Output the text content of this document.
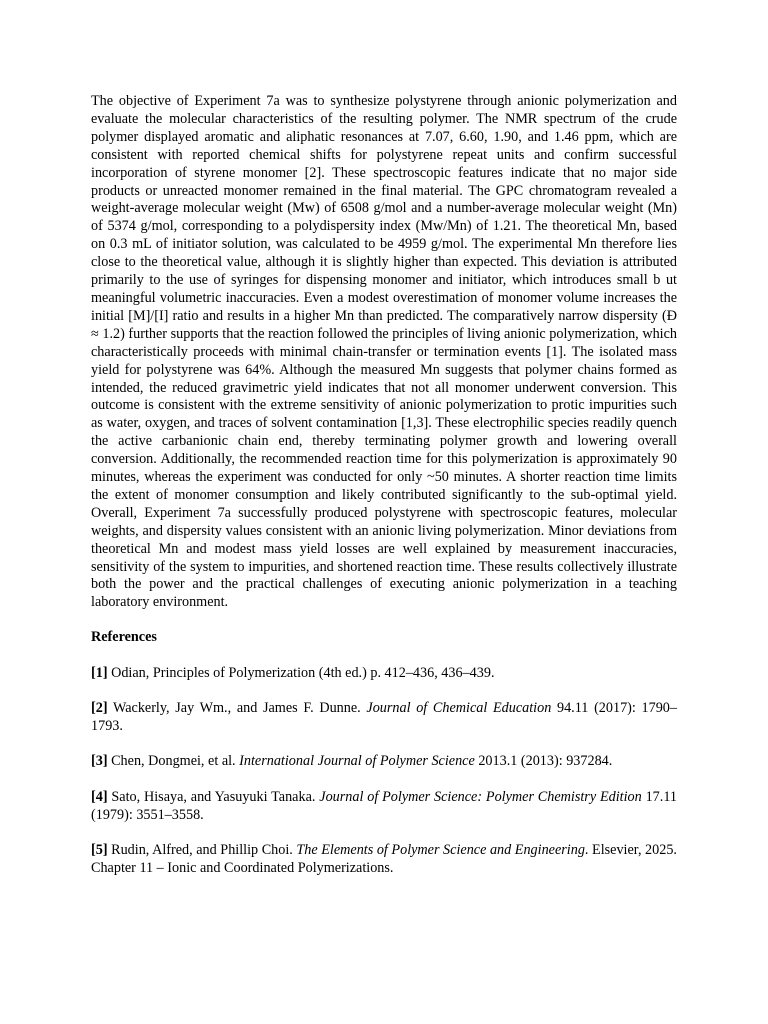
The objective of Experiment 7a was to synthesize polystyrene through anionic polymerization and evaluate the molecular characteristics of the resulting polymer. The NMR spectrum of the crude polymer displayed aromatic and aliphatic resonances at 7.07, 6.60, 1.90, and 1.46 ppm, which are consistent with reported chemical shifts for polystyrene repeat units and confirm successful incorporation of styrene monomer [2]. These spectroscopic features indicate that no major side products or unreacted monomer remained in the final material. The GPC chromatogram revealed a weight-average molecular weight (Mw) of 6508 g/mol and a number-average molecular weight (Mn) of 5374 g/mol, corresponding to a polydispersity index (Mw/Mn) of 1.21. The theoretical Mn, based on 0.3 mL of initiator solution, was calculated to be 4959 g/mol. The experimental Mn therefore lies close to the theoretical value, although it is slightly higher than expected. This deviation is attributed primarily to the use of syringes for dispensing monomer and initiator, which introduces small b ut meaningful volumetric inaccuracies. Even a modest overestimation of monomer volume increases the initial [M]/[I] ratio and results in a higher Mn than predicted. The comparatively narrow dispersity (Đ ≈ 1.2) further supports that the reaction followed the principles of living anionic polymerization, which characteristically proceeds with minimal chain-transfer or termination events [1]. The isolated mass yield for polystyrene was 64%. Although the measured Mn suggests that polymer chains formed as intended, the reduced gravimetric yield indicates that not all monomer underwent conversion. This outcome is consistent with the extreme sensitivity of anionic polymerization to protic impurities such as water, oxygen, and traces of solvent contamination [1,3]. These electrophilic species readily quench the active carbanionic chain end, thereby terminating polymer growth and lowering overall conversion. Additionally, the recommended reaction time for this polymerization is approximately 90 minutes, whereas the experiment was conducted for only ~50 minutes. A shorter reaction time limits the extent of monomer consumption and likely contributed significantly to the sub-optimal yield. Overall, Experiment 7a successfully produced polystyrene with spectroscopic features, molecular weights, and dispersity values consistent with an anionic living polymerization. Minor deviations from theoretical Mn and modest mass yield losses are well explained by measurement inaccuracies, sensitivity of the system to impurities, and shortened reaction time. These results collectively illustrate both the power and the practical challenges of executing anionic polymerization in a teaching laboratory environment.

References

[1] Odian, Principles of Polymerization (4th ed.) p. 412–436, 436–439.
[2] Wackerly, Jay Wm., and James F. Dunne. Journal of Chemical Education 94.11 (2017): 1790–1793.
[3] Chen, Dongmei, et al. International Journal of Polymer Science 2013.1 (2013): 937284.
[4] Sato, Hisaya, and Yasuyuki Tanaka. Journal of Polymer Science: Polymer Chemistry Edition 17.11 (1979): 3551–3558.
[5] Rudin, Alfred, and Phillip Choi. The Elements of Polymer Science and Engineering. Elsevier, 2025. Chapter 11 – Ionic and Coordinated Polymerizations.
